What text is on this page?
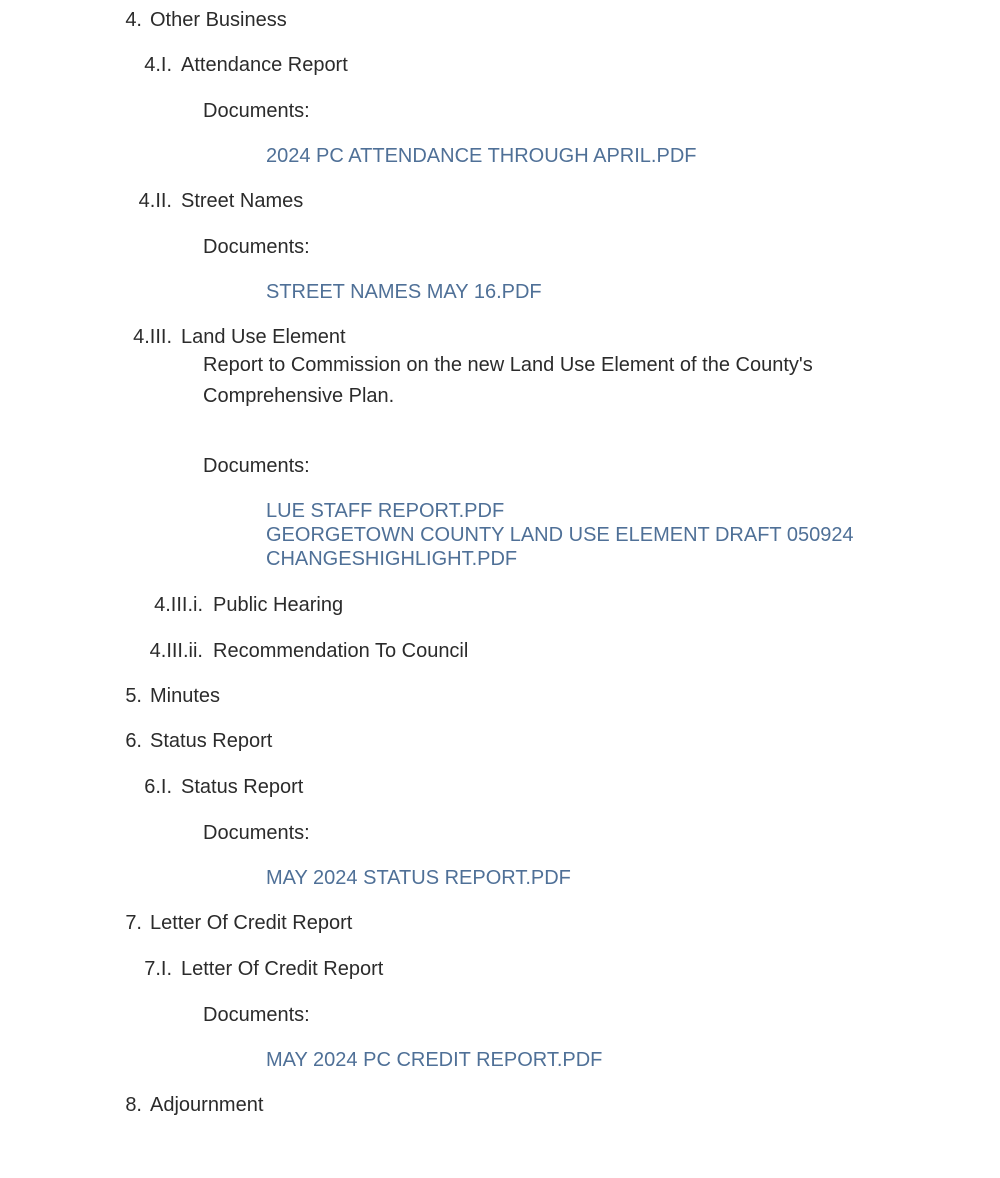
4. Other Business
4.I. Attendance Report
Documents:
2024 PC ATTENDANCE THROUGH APRIL.PDF
4.II. Street Names
Documents:
STREET NAMES MAY 16.PDF
4.III. Land Use Element
Report to Commission on the new Land Use Element of the County's
Comprehensive Plan.
Documents:
LUE STAFF REPORT.PDF
GEORGETOWN COUNTY LAND USE ELEMENT DRAFT 050924
CHANGESHIGHLIGHT.PDF
4.III.i. Public Hearing
4.III.ii. Recommendation To Council
5. Minutes
6. Status Report
6.I. Status Report
Documents:
MAY 2024 STATUS REPORT.PDF
7. Letter Of Credit Report
7.I. Letter Of Credit Report
Documents:
MAY 2024 PC CREDIT REPORT.PDF
8. Adjournment
